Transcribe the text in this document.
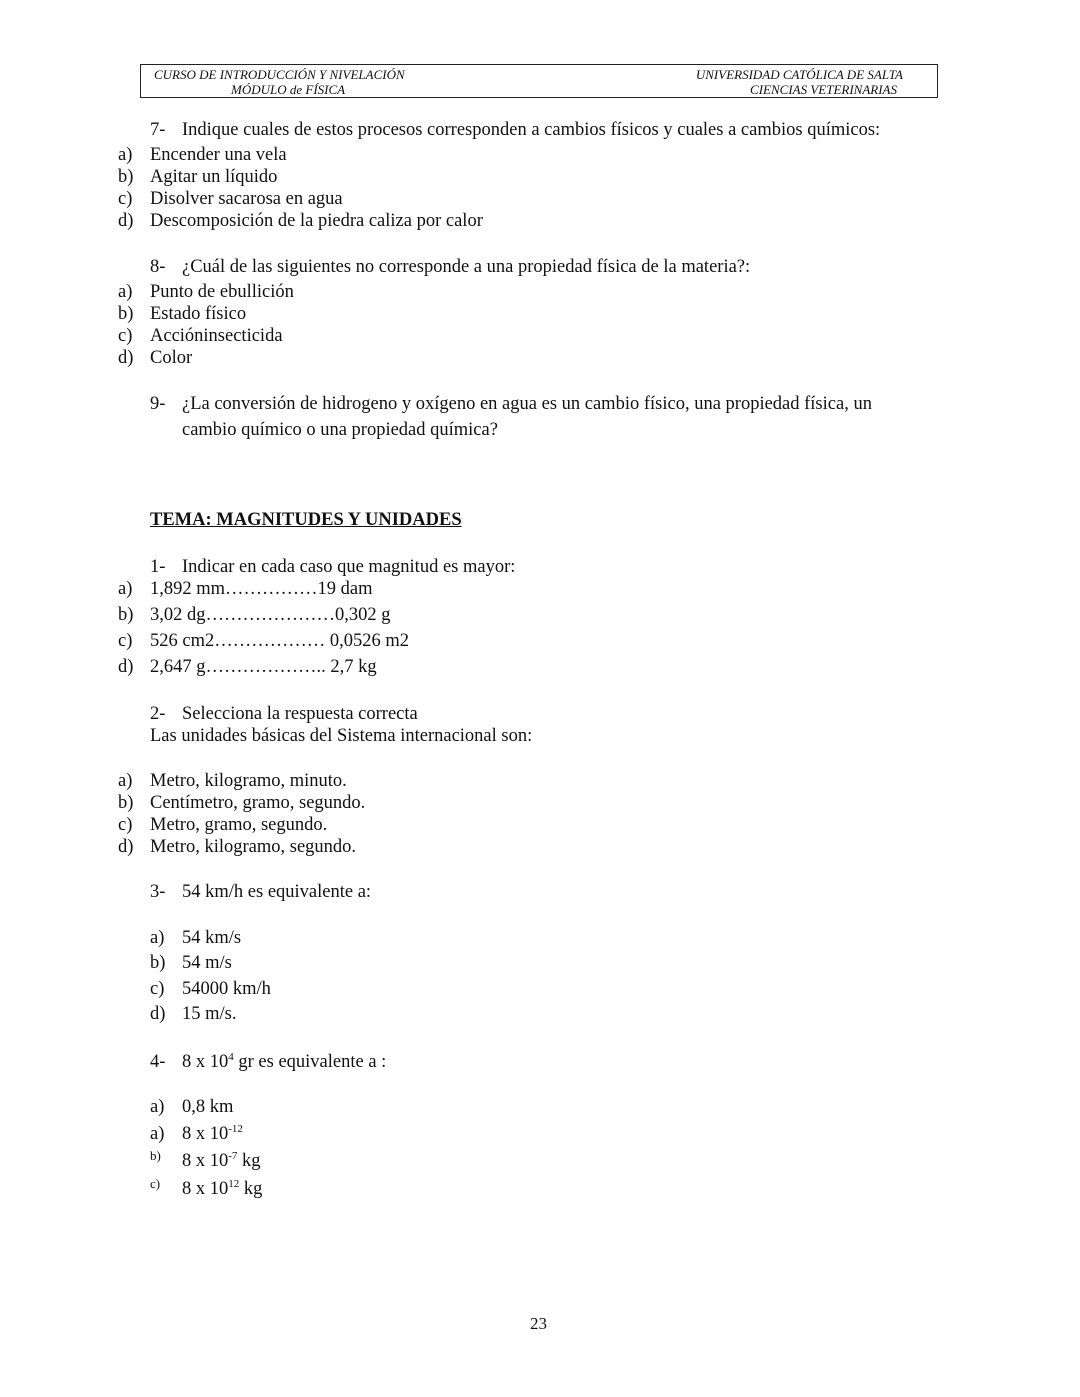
CURSO DE INTRODUCCIÓN Y NIVELACIÓN
MÓDULO de FÍSICA
UNIVERSIDAD CATÓLICA DE SALTA
CIENCIAS VETERINARIAS
7- Indique cuales de estos procesos corresponden a cambios físicos y cuales a cambios químicos:
a) Encender una vela
b) Agitar un líquido
c) Disolver sacarosa en agua
d) Descomposición de la piedra caliza por calor
8- ¿Cuál de las siguientes no corresponde a una propiedad física de la materia?:
a) Punto de ebullición
b) Estado físico
c) Accióninsecticida
d) Color
9- ¿La conversión de hidrogeno y oxígeno en agua es un cambio físico, una propiedad física, un
cambio químico o una propiedad química?
TEMA: MAGNITUDES Y UNIDADES
1- Indicar en cada caso que magnitud es mayor:
a) 1,892 mm……………19 dam
b) 3,02 dg…………………0,302 g
c) 526 cm2……………… 0,0526 m2
d) 2,647 g……………….. 2,7 kg
2- Selecciona la respuesta correcta
Las unidades básicas del Sistema internacional son:
a) Metro, kilogramo, minuto.
b) Centímetro, gramo, segundo.
c) Metro, gramo, segundo.
d) Metro, kilogramo, segundo.
3- 54 km/h es equivalente a:
a) 54 km/s
b) 54 m/s
c) 54000 km/h
d) 15 m/s.
4- 8 x $10^4$ gr es equivalente a :
a) 0,8 km
a) 8 x $10^{-12}$
b) 8 x $10^{-7}$ kg
c) 8 x $10^{12}$ kg
23
